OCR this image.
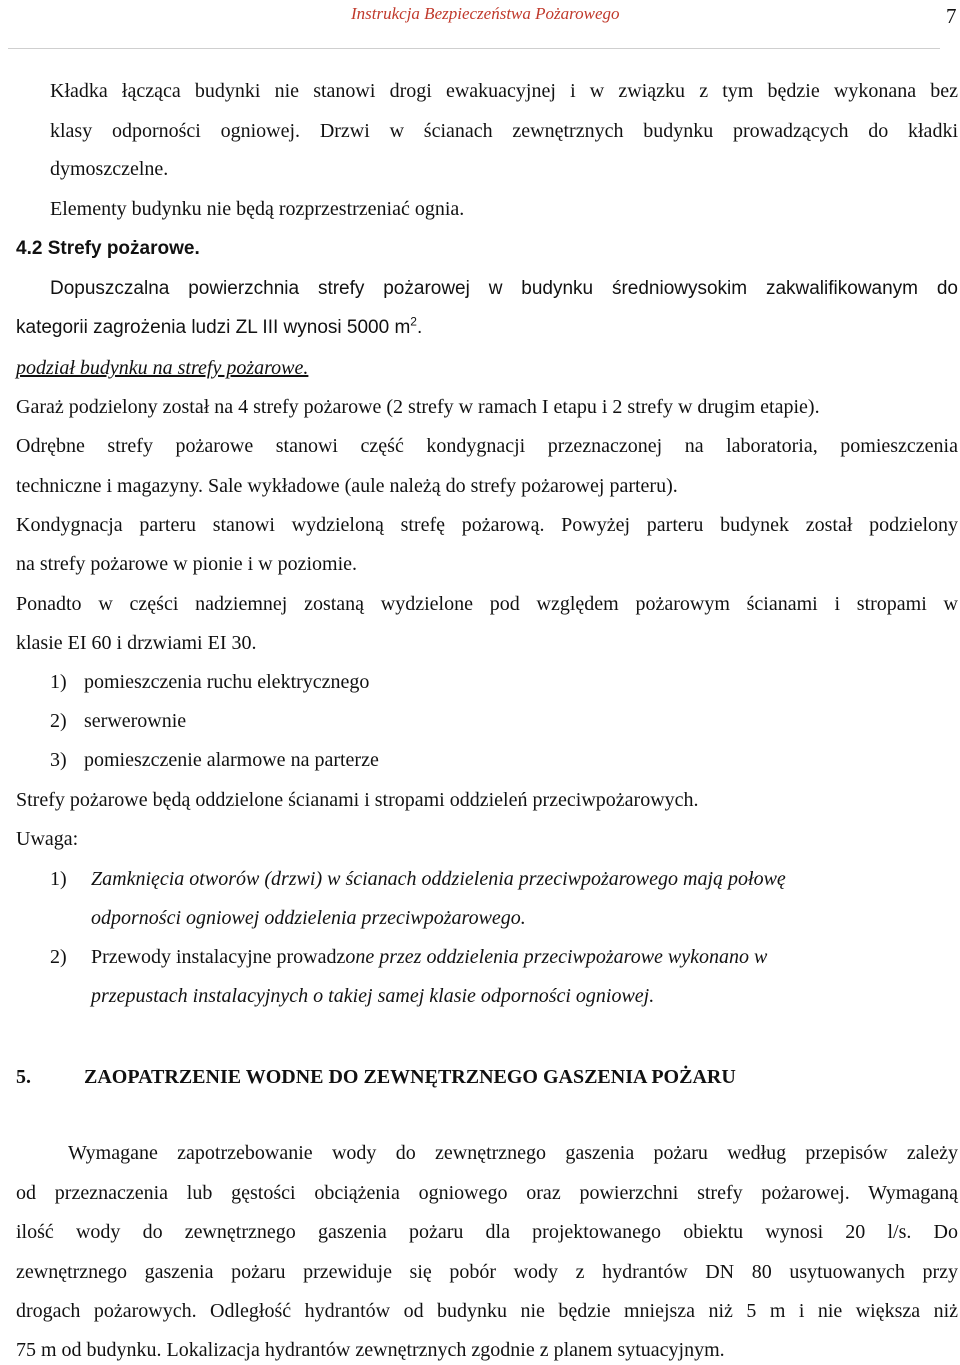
Instrukcja Bezpieczeństwa Pożarowego	7
Kładka łącząca budynki nie stanowi drogi ewakuacyjnej i w związku z tym będzie wykonana bez
klasy odporności ogniowej. Drzwi w ścianach zewnętrznych budynku prowadzących do kładki
dymoszczelne.
Elementy budynku nie będą rozprzestrzeniać ognia.
4.2 Strefy pożarowe.
Dopuszczalna powierzchnia strefy pożarowej w budynku średniowysokim zakwalifikowanym do
kategorii zagrożenia ludzi ZL III wynosi 5000 $m^2$.
podział budynku na strefy pożarowe.
Garaż podzielony został na 4 strefy pożarowe (2 strefy w ramach I etapu i 2 strefy w drugim etapie).
Odrębne strefy pożarowe stanowi część kondygnacji przeznaczonej na laboratoria, pomieszczenia
techniczne i magazyny. Sale wykładowe (aule należą do strefy pożarowej parteru).
Kondygnacja parteru stanowi wydzieloną strefę pożarową. Powyżej parteru budynek został podzielony
na strefy pożarowe w pionie i w poziomie.
Ponadto w części nadziemnej zostaną wydzielone pod względem pożarowym ścianami i stropami w
klasie EI 60 i drzwiami EI 30.
1) pomieszczenia ruchu elektrycznego
2) serwerownie
3) pomieszczenie alarmowe na parterze
Strefy pożarowe będą oddzielone ścianami i stropami oddzieleń przeciwpożarowych.
Uwaga:
1) Zamknięcia otworów (drzwi) w ścianach oddzielenia przeciwpożarowego mają połowę
odporności ogniowej oddzielenia przeciwpożarowego.
2) Przewody instalacyjne prowadzone przez oddzielenia przeciwpożarowe wykonano w
przepustach instalacyjnych o takiej samej klasie odporności ogniowej.
5.	ZAOPATRZENIE WODNE DO ZEWNĘTRZNEGO GASZENIA POŻARU
Wymagane zapotrzebowanie wody do zewnętrznego gaszenia pożaru według przepisów zależy
od przeznaczenia lub gęstości obciążenia ogniowego oraz powierzchni strefy pożarowej. Wymaganą
ilość wody do zewnętrznego gaszenia pożaru dla projektowanego obiektu wynosi 20 l/s. Do
zewnętrznego gaszenia pożaru przewiduje się pobór wody z hydrantów DN 80 usytuowanych przy
drogach pożarowych. Odległość hydrantów od budynku nie będzie mniejsza niż 5 m i nie większa niż
75 m od budynku. Lokalizacja hydrantów zewnętrznych zgodnie z planem sytuacyjnym.
